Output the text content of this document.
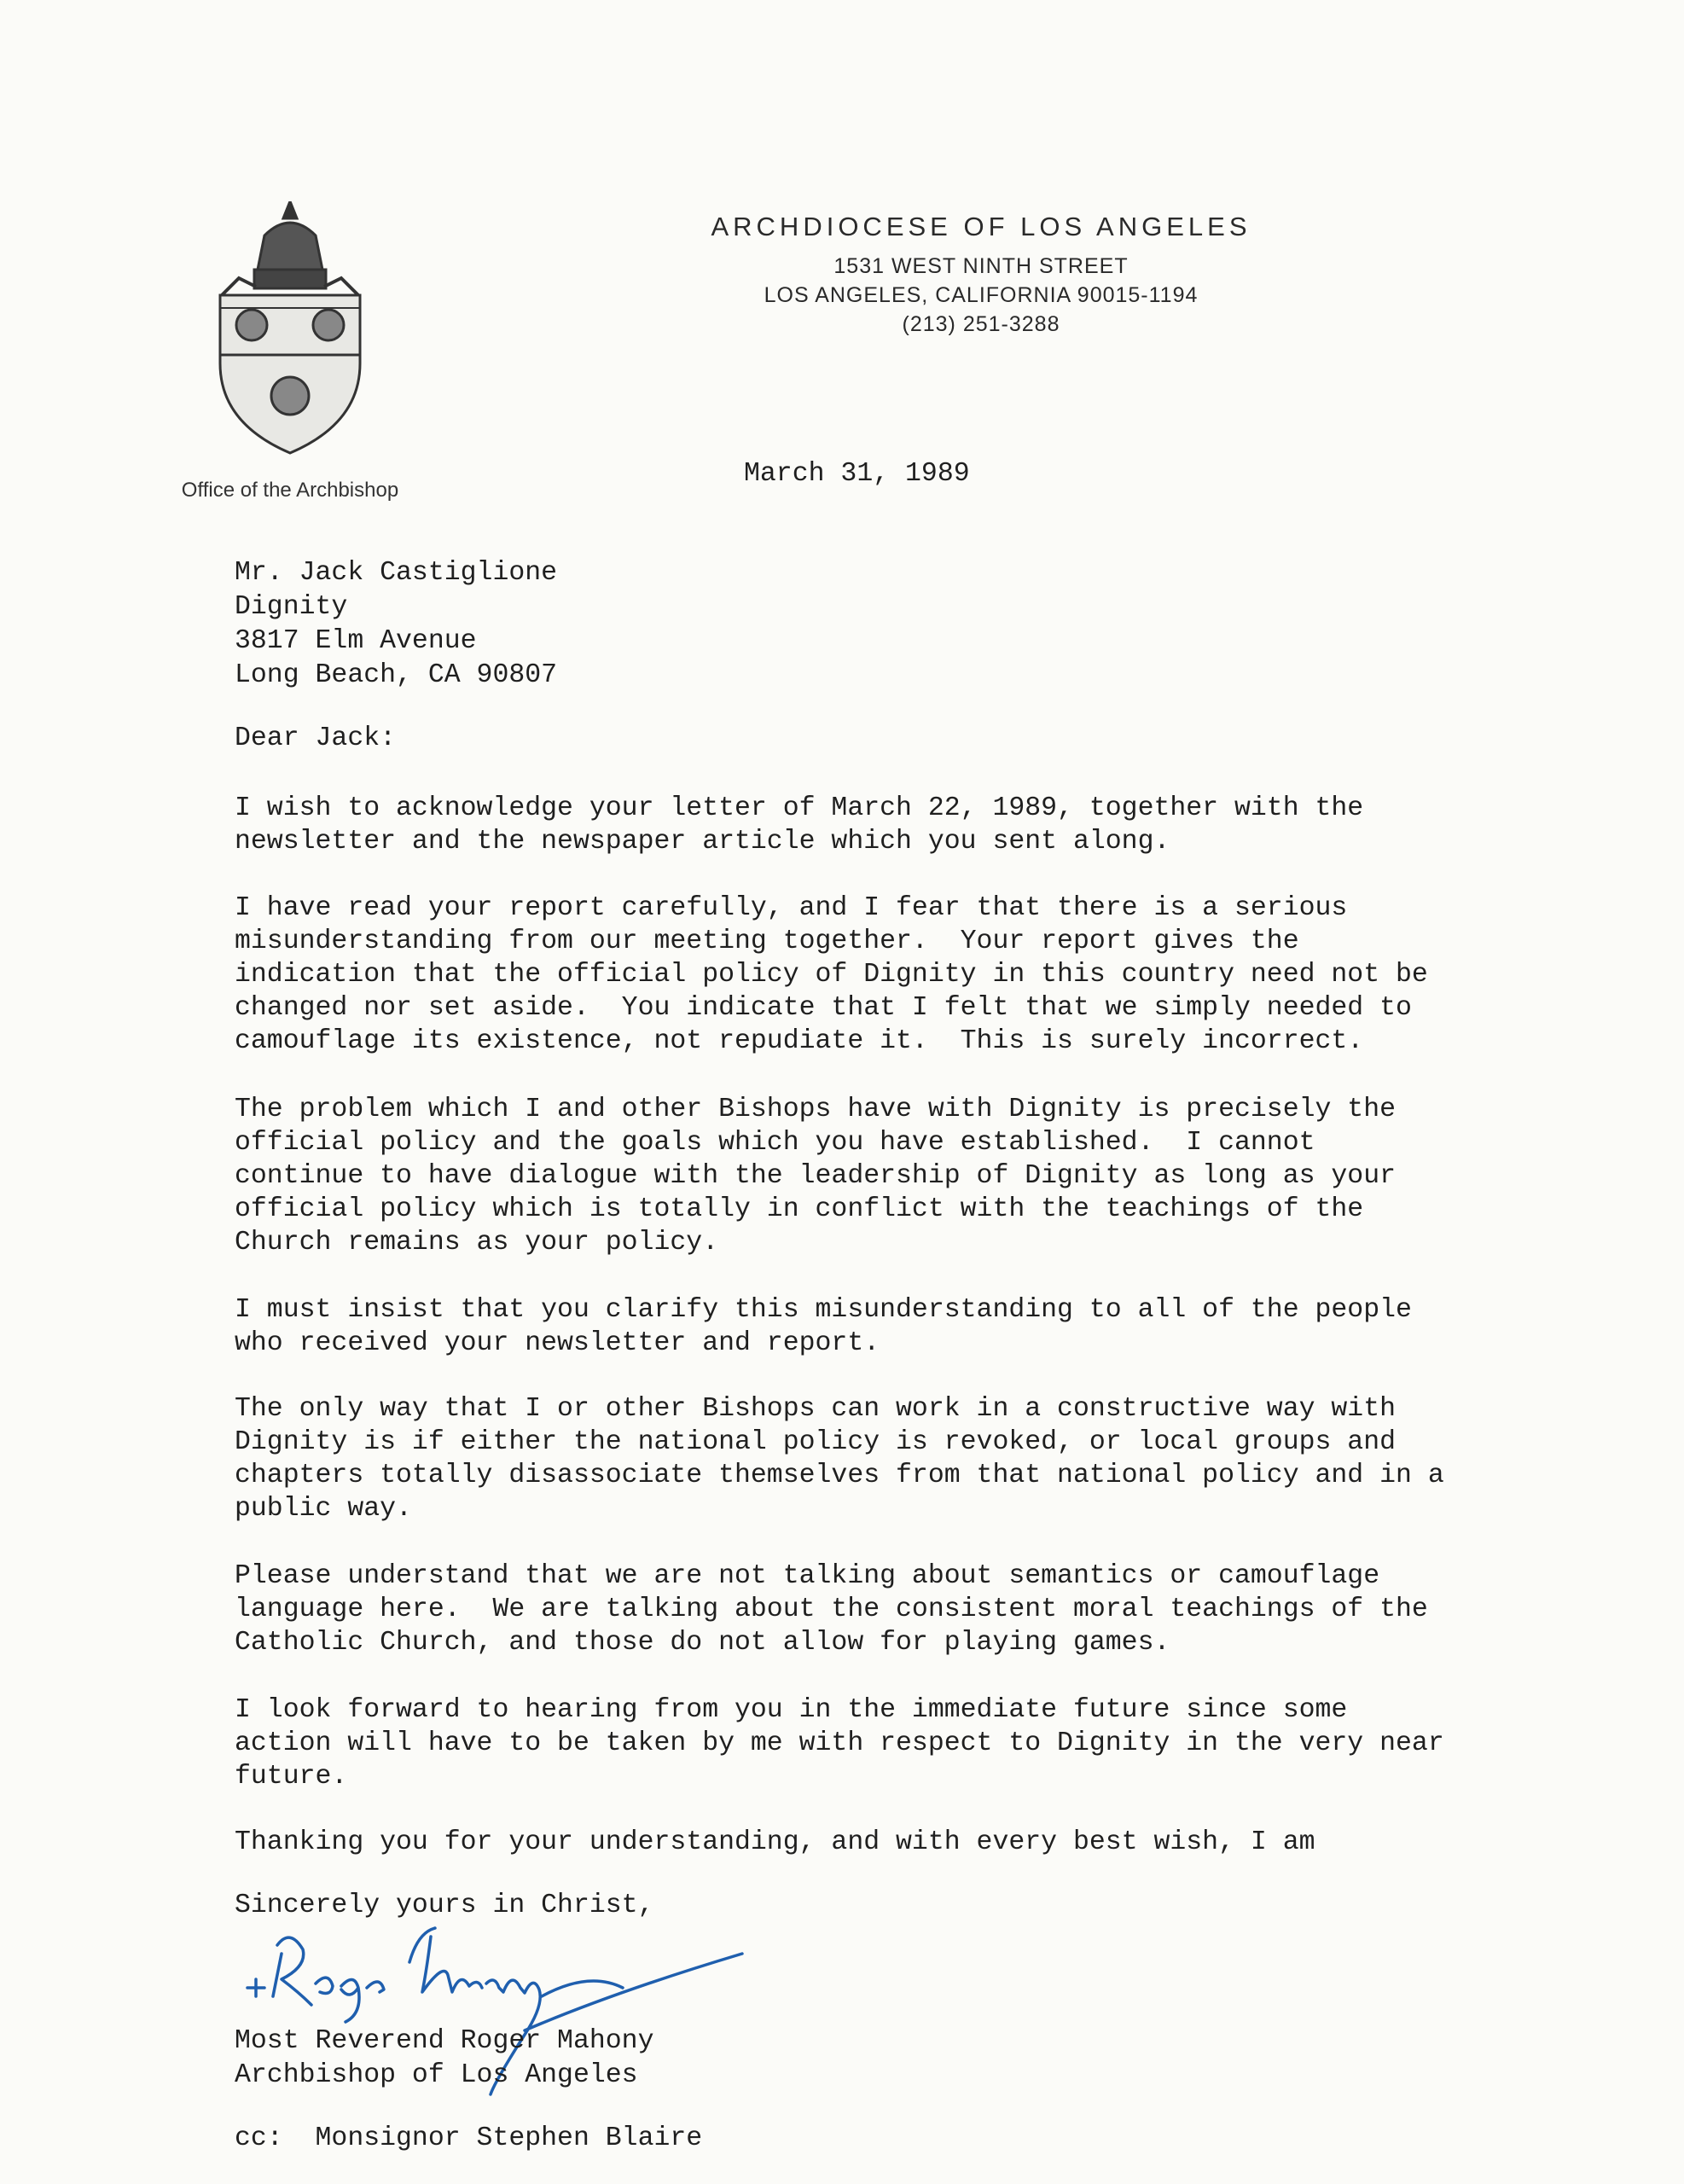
ARCHDIOCESE OF LOS ANGELES
1531 WEST NINTH STREET
LOS ANGELES, CALIFORNIA 90015-1194
(213) 251-3288
Office of the Archbishop
March 31, 1989
Mr. Jack Castiglione
Dignity
3817 Elm Avenue
Long Beach, CA 90807
Dear Jack:
I wish to acknowledge your letter of March 22, 1989, together with the
newsletter and the newspaper article which you sent along.
I have read your report carefully, and I fear that there is a serious
misunderstanding from our meeting together.  Your report gives the
indication that the official policy of Dignity in this country need not be
changed nor set aside.  You indicate that I felt that we simply needed to
camouflage its existence, not repudiate it.  This is surely incorrect.
The problem which I and other Bishops have with Dignity is precisely the
official policy and the goals which you have established.  I cannot
continue to have dialogue with the leadership of Dignity as long as your
official policy which is totally in conflict with the teachings of the
Church remains as your policy.
I must insist that you clarify this misunderstanding to all of the people
who received your newsletter and report.
The only way that I or other Bishops can work in a constructive way with
Dignity is if either the national policy is revoked, or local groups and
chapters totally disassociate themselves from that national policy and in a
public way.
Please understand that we are not talking about semantics or camouflage
language here.  We are talking about the consistent moral teachings of the
Catholic Church, and those do not allow for playing games.
I look forward to hearing from you in the immediate future since some
action will have to be taken by me with respect to Dignity in the very near
future.
Thanking you for your understanding, and with every best wish, I am
Sincerely yours in Christ,
Most Reverend Roger Mahony
Archbishop of Los Angeles
cc:  Monsignor Stephen Blaire
